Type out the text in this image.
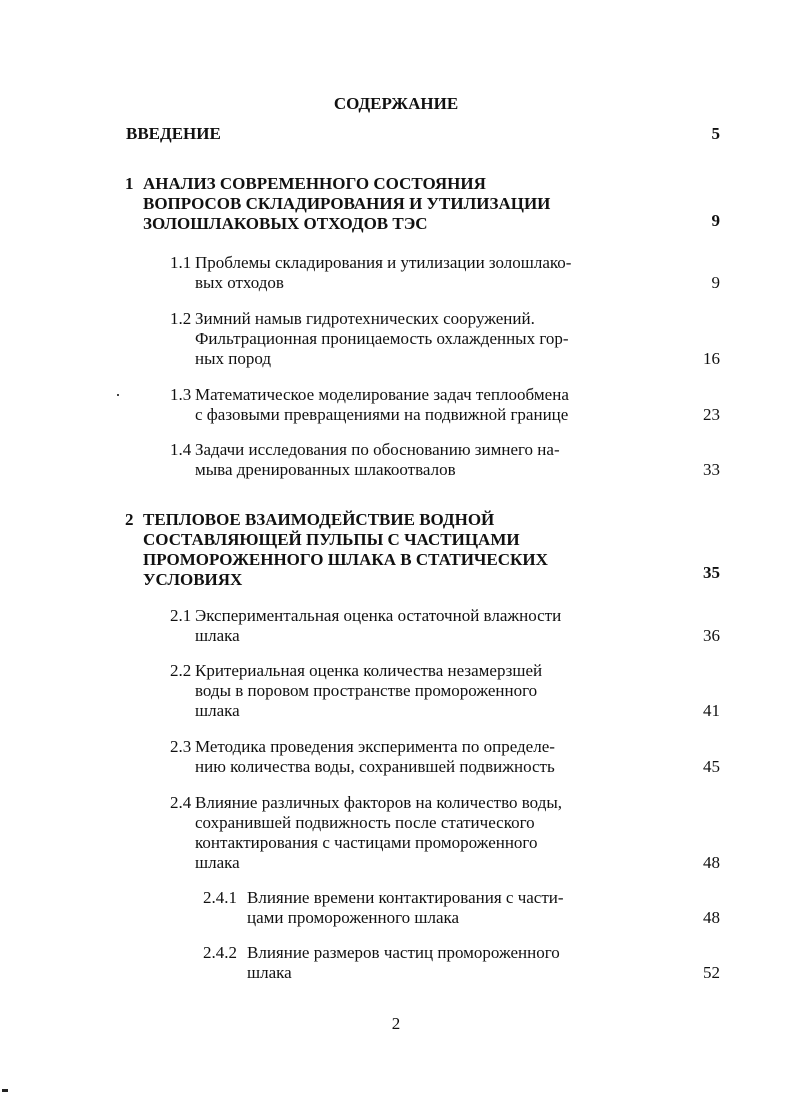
СОДЕРЖАНИЕ
ВВЕДЕНИЕ	5
1 АНАЛИЗ СОВРЕМЕННОГО СОСТОЯНИЯ
ВОПРОСОВ СКЛАДИРОВАНИЯ И УТИЛИЗАЦИИ
ЗОЛОШЛАКОВЫХ ОТХОДОВ ТЭС	9
1.1 Проблемы складирования и утилизации золошлако-
вых отходов	9
1.2 Зимний намыв гидротехнических сооружений.
Фильтрационная проницаемость охлажденных гор-
ных пород	16
1.3 Математическое моделирование задач теплообмена
с фазовыми превращениями на подвижной границе	23
1.4 Задачи исследования по обоснованию зимнего на-
мыва дренированных шлакоотвалов	33
2 ТЕПЛОВОЕ ВЗАИМОДЕЙСТВИЕ ВОДНОЙ
СОСТАВЛЯЮЩЕЙ ПУЛЬПЫ С ЧАСТИЦАМИ
ПРОМОРОЖЕННОГО ШЛАКА В СТАТИЧЕСКИХ
УСЛОВИЯХ	35
2.1 Экспериментальная оценка остаточной влажности
шлака	36
2.2 Критериальная оценка количества незамерзшей
воды в поровом пространстве промороженного
шлака	41
2.3 Методика проведения эксперимента по определе-
нию количества воды, сохранившей подвижность	45
2.4 Влияние различных факторов на количество воды,
сохранившей подвижность после статического
контактирования с частицами промороженного
шлака	48
2.4.1 Влияние времени контактирования с части-
цами промороженного шлака	48
2.4.2 Влияние размеров частиц промороженного
шлака	52
2
